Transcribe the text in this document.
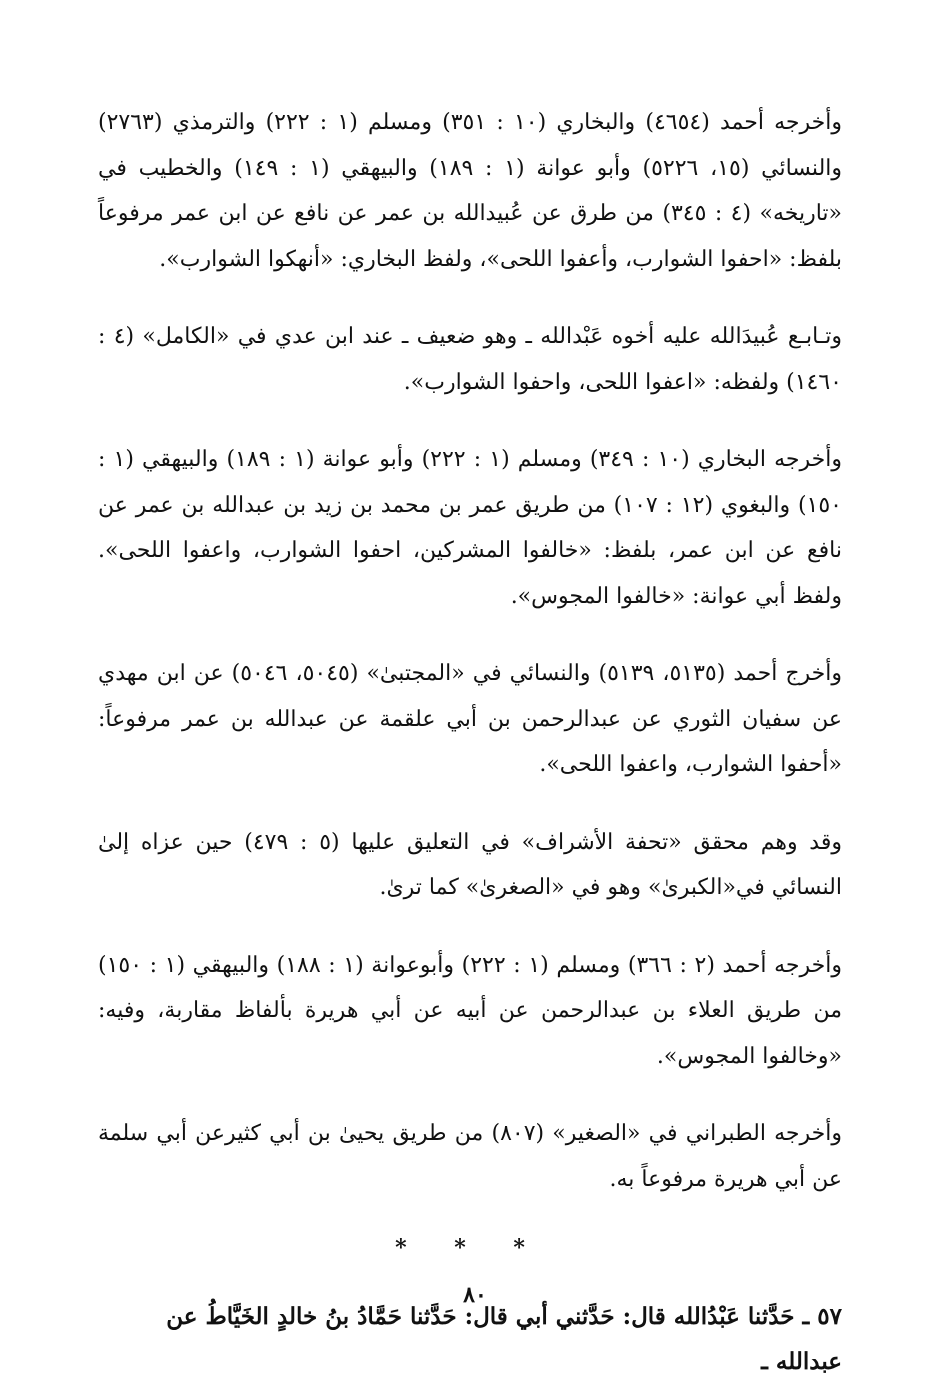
وأخرجه أحمد (٤٦٥٤) والبخاري (١٠ : ٣٥١) ومسلم (١ : ٢٢٢) والترمذي (٢٧٦٣) والنسائي (١٥، ٥٢٢٦) وأبو عوانة (١ : ١٨٩) والبيهقي (١ : ١٤٩) والخطيب في «تاريخه» (٤ : ٣٤٥) من طرق عن عُبيدالله بن عمر عن نافع عن ابن عمر مرفوعاً بلفظ: «احفوا الشوارب، وأعفوا اللحى»، ولفظ البخاري: «أنهكوا الشوارب».

وتـابـع عُبيدَالله عليه أخوه عَبْدالله ـ وهو ضعيف ـ عند ابن عدي في «الكامل» (٤ : ١٤٦٠) ولفظه: «اعفوا اللحى، واحفوا الشوارب».

وأخرجه البخاري (١٠ : ٣٤٩) ومسلم (١ : ٢٢٢) وأبو عوانة (١ : ١٨٩) والبيهقي (١ : ١٥٠) والبغوي (١٢ : ١٠٧) من طريق عمر بن محمد بن زيد بن عبدالله بن عمر عن نافع عن ابن عمر، بلفظ: «خالفوا المشركين، احفوا الشوارب، واعفوا اللحى». ولفظ أبي عوانة: «خالفوا المجوس».

وأخرج أحمد (٥١٣٥، ٥١٣٩) والنسائي في «المجتبىٰ» (٥٠٤٥، ٥٠٤٦) عن ابن مهدي عن سفيان الثوري عن عبدالرحمن بن أبي علقمة عن عبدالله بن عمر مرفوعاً: «أحفوا الشوارب، واعفوا اللحى».

وقد وهم محقق «تحفة الأشراف» في التعليق عليها (٥ : ٤٧٩) حين عزاه إلىٰ النسائي في«الكبرىٰ» وهو في «الصغرىٰ» كما ترىٰ.

وأخرجه أحمد (٢ : ٣٦٦) ومسلم (١ : ٢٢٢) وأبوعوانة (١ : ١٨٨) والبيهقي (١ : ١٥٠) من طريق العلاء بن عبدالرحمن عن أبيه عن أبي هريرة بألفاظ مقاربة، وفيه: «وخالفوا المجوس».

وأخرجه الطبراني في «الصغير» (٨٠٧) من طريق يحيىٰ بن أبي كثيرعن أبي سلمة عن أبي هريرة مرفوعاً به.

* * *

٥٧ ـ حَدَّثنا عَبْدُالله قال: حَدَّثني أبي قال: حَدَّثنا حَمَّادُ بنُ خالدٍ الخَيَّاطُ عن عبدالله ـ

٨٠
